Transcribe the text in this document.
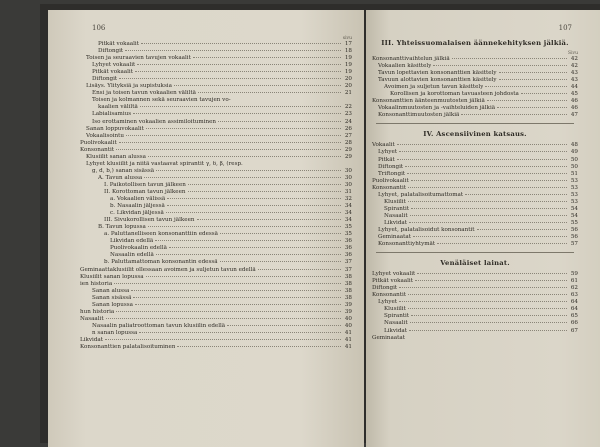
106
sivu
Pitkät vokaalit	17
Diftongit	18
Toisen ja seuraavien tavujen vokaalit	19
Lyhyet vokaalit	19
Pitkät vokaalit	19
Diftongit	20
Lisäys. Ylityksiä ja supistuksia	20
Ensi ja toisen tavun vokaalien väliltä	21
Toisen ja kolmannen sekä seuraavien tavujen vo-
kaalien väliltä	22
Labialisamius	23
Iso erottaminen vokaalien assimiloituminen	24
Sanan loppuvokaalit	26
Vokaalisointu	27
Puolivokaalit	28
Konsonantit	29
Klusiilit sanan alussa	29
Lyhyet klusiilit ja niitä vastaavat spirantit γ, δ, β, (resp.
g, d, b,) sanan sisässä	30
A. Tavun alussa	30
I. Paikotollisen tavun jälkeen	30
II. Korottoman tavun jälkeen	31
a. Vokaalien välissä	32
b. Nasaalin jäljessä	34
c. Likvidan jäljessä	34
III. Sivukorollisen tavun jälkeen	34
B. Tavun lopussa	35
a. Paluttanelliseen konsonanttiin edessä	35
Likvidan edellä	36
Puolivokaalin edellä	36
Nasaalin edellä	36
b. Paluttamattoman konsonantin edessä	37
Geminaattaklusiilit ollessaan avoimen ja suljetun tavun edellä	37
Klusiilit sanan lopussa	38
ien historia	38
Sanan alussa	38
Sanan sisässä	38
Sanan lopussa	39
hun historia	39
Nasaalit	40
Nasaalin paliatroottoman tavun klusiilin edellä	40
n sanan lopussa	41
Likvidat	41
Konsonanttien palatalisoituminen	41
107
III. Yhteissuomalaisen äännekehityksen jälkiä.
Sivu
Konsonanttivaihtelun jälkiä	42
Vokaalien käsittely	42
Tavun lopettavien konsonanttien käsittely	43
Tavuun alottavien konsonanttien käsittely	43
Avoimen ja suljetun tavun käsittely	44
Korollisen ja korottoman tavuasteen johdosta	45
Konsonanttien äänteenmuutosten jälkiä	46
Vokaalinmuutosten ja -vaihteluiden jälkiä	46
Konsonanttimuutosten jälkiä	47
IV. Ascensiivinen katsaus.
Vokaalit	48
Lyhyet	49
Pitkät	50
Diftongit	50
Triftongit	51
Puolivokaalit	53
Konsonantit	53
Lyhyet, palatalisoitumattomat	53
Klusiilit	53
Spirantit	54
Nasaalit	54
Likvidat	55
Lyhyet, palatalisoidut konsonantit	56
Geminaatat	56
Konsonanttiyhtymät	57
Venäläiset lainat.
Lyhyet vokaalit	59
Pitkät vokaalit	61
Diftongit	62
Konsonantit	63
Lyhyet	64
Klusiilit	64
Spirantit	65
Nasaalit	66
Likvidat	67
Geminaatat
